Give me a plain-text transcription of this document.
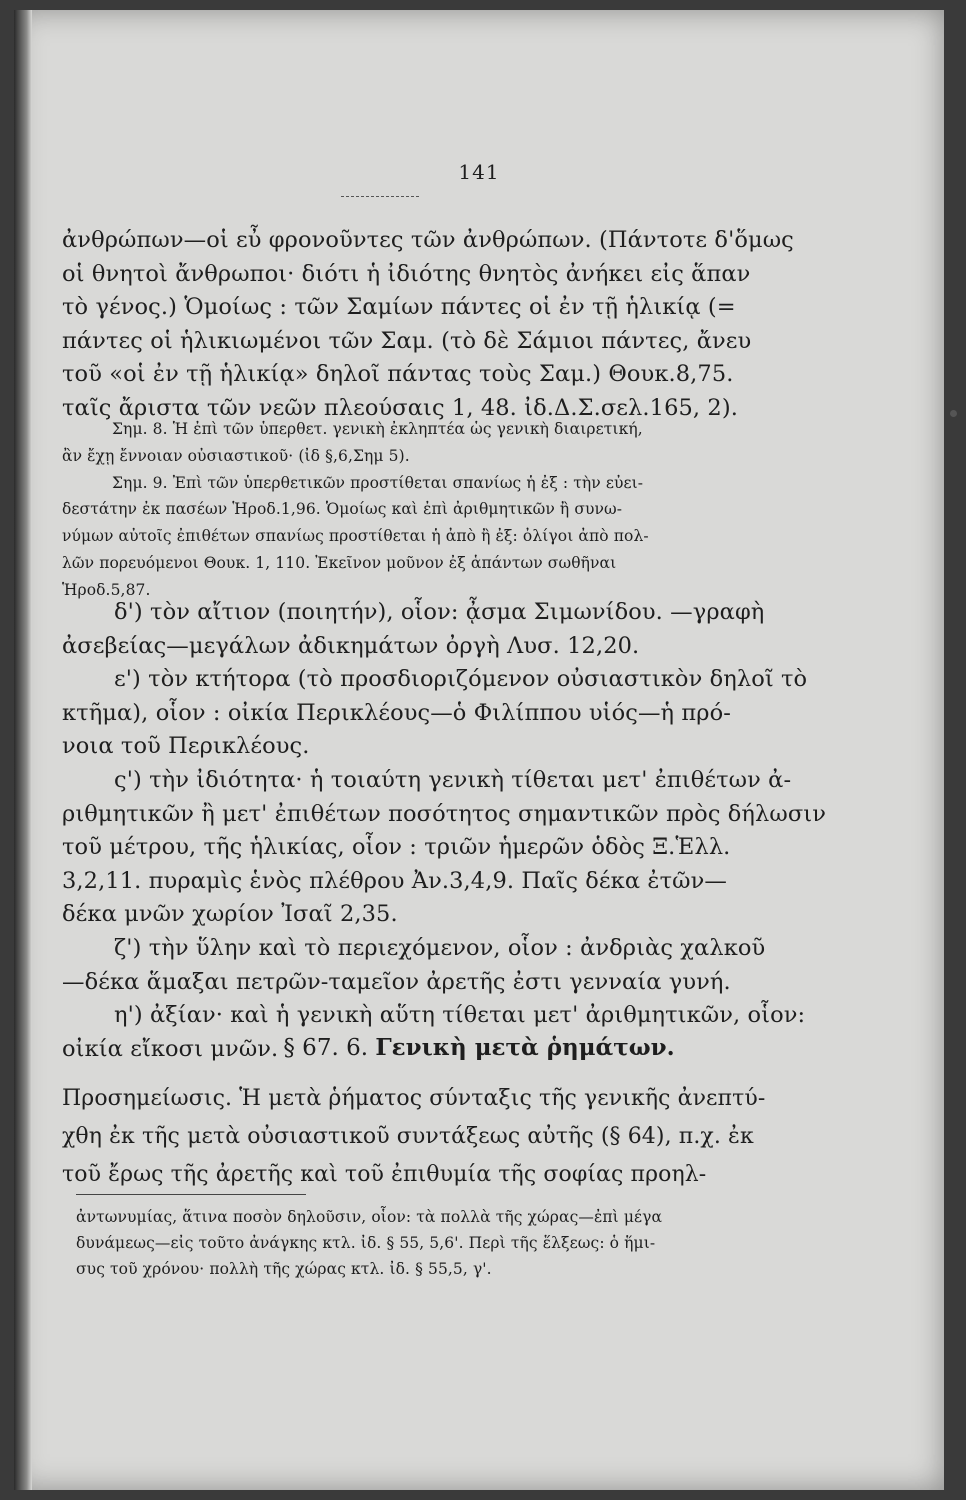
141
ἀνθρώπων—οἱ εὖ φρονοῦντες τῶν ἀνθρώπων. (Πάντοτε δ'ὅμως
οἱ θνητοὶ ἄνθρωποι· διότι ἡ ἰδιότης θνητὸς ἀνήκει εἰς ἅπαν
τὸ γένος.) Ὁμοίως : τῶν Σαμίων πάντες οἱ ἐν τῇ ἡλικίᾳ (=
πάντες οἱ ἡλικιωμένοι τῶν Σαμ. (τὸ δὲ Σάμιοι πάντες, ἄνευ
τοῦ «οἱ ἐν τῇ ἡλικίᾳ» δηλοῖ πάντας τοὺς Σαμ.) Θουκ.8,75.
ταῖς ἄριστα τῶν νεῶν πλεούσαις 1, 48. ἰδ.Δ.Σ.σελ.165, 2).
Σημ. 8. Ἡ ἐπὶ τῶν ὑπερθετ. γενικὴ ἐκληπτέα ὡς γενικὴ διαιρετική,
ἂν ἔχῃ ἔννοιαν οὐσιαστικοῦ· (ἰδ §,6,Σημ 5).
Σημ. 9. Ἐπὶ τῶν ὑπερθετικῶν προστίθεται σπανίως ἡ ἐξ : τὴν εὐει-
δεστάτην ἐκ πασέων Ἡροδ.1,96. Ὁμοίως καὶ ἐπὶ ἀριθμητικῶν ἢ συνω-
νύμων αὐτοῖς ἐπιθέτων σπανίως προστίθεται ἡ ἀπὸ ἢ ἐξ: ὀλίγοι ἀπὸ πολ-
λῶν πορευόμενοι Θουκ. 1, 110. Ἐκεῖνον μοῦνον ἐξ ἁπάντων σωθῆναι
Ἡροδ.5,87.
δ') τὸν αἴτιον (ποιητήν), οἷον: ᾆσμα Σιμωνίδου. —γραφὴ
ἀσεβείας—μεγάλων ἀδικημάτων ὀργὴ Λυσ. 12,20.
ε') τὸν κτήτορα (τὸ προσδιοριζόμενον οὐσιαστικὸν δηλοῖ τὸ
κτῆμα), οἷον : οἰκία Περικλέους—ὁ Φιλίππου υἱός—ἡ πρό-
νοια τοῦ Περικλέους.
ς') τὴν ἰδιότητα· ἡ τοιαύτη γενικὴ τίθεται μετ' ἐπιθέτων ἀ-
ριθμητικῶν ἢ μετ' ἐπιθέτων ποσότητος σημαντικῶν πρὸς δήλωσιν
τοῦ μέτρου, τῆς ἡλικίας, οἷον : τριῶν ἡμερῶν ὁδὸς Ξ.Ἑλλ.
3,2,11. πυραμὶς ἑνὸς πλέθρου Ἀν.3,4,9. Παῖς δέκα ἐτῶν—
δέκα μνῶν χωρίον Ἰσαῖ 2,35.
ζ') τὴν ὕλην καὶ τὸ περιεχόμενον, οἷον : ἀνδριὰς χαλκοῦ
—δέκα ἅμαξαι πετρῶν-ταμεῖον ἀρετῆς ἐστι γενναία γυνή.
η') ἀξίαν· καὶ ἡ γενικὴ αὕτη τίθεται μετ' ἀριθμητικῶν, οἷον:
οἰκία εἴκοσι μνῶν. § 67. 6. Γενικὴ μετὰ ῥημάτων.
Προσημείωσις. Ἡ μετὰ ῥήματος σύνταξις τῆς γενικῆς ἀνεπτύ-
χθη ἐκ τῆς μετὰ οὐσιαστικοῦ συντάξεως αὐτῆς (§ 64), π.χ. ἐκ
τοῦ ἔρως τῆς ἀρετῆς καὶ τοῦ ἐπιθυμία τῆς σοφίας προηλ-
ἀντωνυμίας, ἅτινα ποσὸν δηλοῦσιν, οἷον: τὰ πολλὰ τῆς χώρας—ἐπὶ μέγα
δυνάμεως—εἰς τοῦτο ἀνάγκης κτλ. ἰδ. § 55, 5,6'. Περὶ τῆς ἕλξεως: ὁ ἥμι-
συς τοῦ χρόνου· πολλὴ τῆς χώρας κτλ. ἰδ. § 55,5, γ'.
